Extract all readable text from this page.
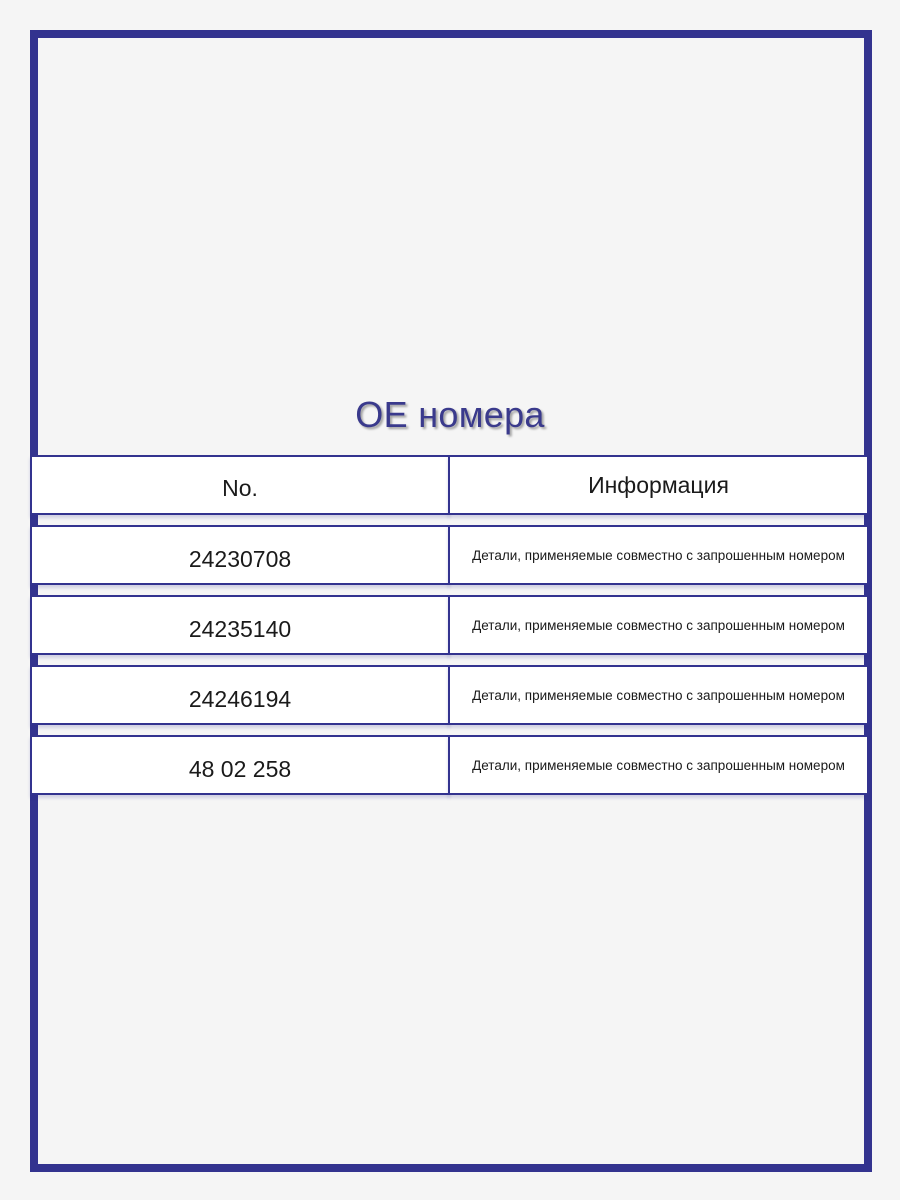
OE номера
No.	Информация
24230708	Детали, применяемые совместно с запрошенным номером
24235140	Детали, применяемые совместно с запрошенным номером
24246194	Детали, применяемые совместно с запрошенным номером
48 02 258	Детали, применяемые совместно с запрошенным номером
